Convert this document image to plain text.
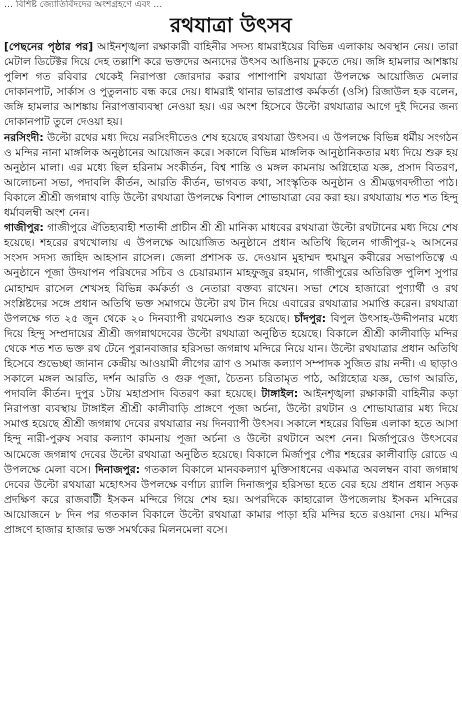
… বিশিষ্ট জ্যোতির্বিদদের অংশগ্রহণে এবং …
রথযাত্রা উৎসব

[পেছনের পৃষ্ঠার পর] আইনশৃঙ্খলা রক্ষাকারী বাহিনীর সদস্য ধামরাইয়ের বিভিন্ন এলাকায় অবস্থান নেয়। তারা মেটাল ডিটেক্টর দিয়ে দেহ তল্লাশি করে ভক্তদের অন্যদের উৎসব আঙিনায় ঢুকতে দেয়। জঙ্গি হামলার আশঙ্কায় পুলিশ গত রবিবার থেকেই নিরাপত্তা জোরদার করার পাশাপাশি রথযাত্রা উপলক্ষে আয়োজিত মেলার দোকানপাট, সার্কাস ও পুতুলনাচ বন্ধ করে দেয়। ধামরাই থানার ভারপ্রাপ্ত কর্মকর্তা (ওসি) রিজাউল হক বলেন, জঙ্গি হামলার আশঙ্কায় নিরাপত্তাব্যবস্থা নেওয়া হয়। এর অংশ হিসেবে উল্টো রথযাত্রার আগে দুই দিনের জন্য দোকানপাট তুলে দেওয়া হয়।

নরসিংদী: উল্টো রথের মধ্য দিয়ে নরসিংদীতেও শেষ হয়েছে রথযাত্রা উৎসব। এ উপলক্ষে বিভিন্ন ধর্মীয় সংগঠন ও মন্দির নানা মাঙ্গলিক অনুষ্ঠানের আয়োজন করে। সকালে বিভিন্ন মাঙ্গলিক আনুষ্ঠানিকতার মধ্য দিয়ে শুরু হয় অনুষ্ঠান মালা। এর মধ্যে ছিল হরিনাম সংকীর্তন, বিশ্ব শান্তি ও মঙ্গল কামনায় অগ্নিহোত্র যজ্ঞ, প্রসাদ বিতরণ, আলোচনা সভা, পদাবলি কীর্তন, আরতি কীর্তন, ভাগবত কথা, সাংস্কৃতিক অনুষ্ঠান ও শ্রীমদ্ভগবদ্গীতা পাঠ। বিকালে শ্রীশ্রী জগন্নাথ বাড়ি উল্টো রথযাত্রা উপলক্ষে বিশাল শোভাযাত্রা বের করা হয়। রথযাত্রায় শত শত হিন্দু ধর্মাবলম্বী অংশ নেন।

গাজীপুর: গাজীপুরে ঐতিহ্যবাহী শতাব্দী প্রাচীন শ্রী শ্রী মানিক্য মাধবের রথযাত্রা উল্টো রথটানের মধ্য দিয়ে শেষ হয়েছে। শহরের রথখোলায় এ উপলক্ষে আয়োজিত অনুষ্ঠানে প্রধান অতিথি ছিলেন গাজীপুর-২ আসনের সংসদ সদস্য জাহিদ আহসান রাসেল। জেলা প্রশাসক ড. দেওয়ান মুহাম্মদ হুমায়ুন কবীরের সভাপতিত্বে এ অনুষ্ঠানে পূজা উদযাপন পরিষদের সচিব ও চেয়ারম্যান মাহফুজুর রহমান, গাজীপুরের অতিরিক্ত পুলিশ সুপার মোহাম্মদ রাসেল শেখসহ বিভিন্ন কর্মকর্তা ও নেতারা বক্তব্য রাখেন। সভা শেষে হাজারো পুণ্যার্থী ও রথ সংশ্লিষ্টদের সঙ্গে প্রধান অতিথি ভক্ত সমাগমে উল্টো রথ টান দিয়ে এবারের রথযাত্রার সমাপ্তি করেন। রথযাত্রা উপলক্ষে গত ২৫ জুন থেকে ২০ দিনব্যাপী রথমেলাও শুরু হয়েছে। চাঁদপুর: বিপুল উৎসাহ-উদ্দীপনার মধ্যে দিয়ে হিন্দু সম্প্রদায়ের শ্রীশ্রী জগন্নাথদেবের উল্টো রথযাত্রা অনুষ্ঠিত হয়েছে। বিকালে শ্রীশ্রী কালীবাড়ি মন্দির থেকে শত শত ভক্ত রথ টেনে পুরানবাজার হরিসভা জগন্নাথ মন্দিরে নিয়ে যান। উল্টো রথযাত্রার প্রধান অতিথি হিসেবে শুভেচ্ছা জানান কেন্দ্রীয় আওয়ামী লীগের ত্রাণ ও সমাজ কল্যাণ সম্পাদক সুজিত রায় নন্দী। এ ছাড়াও সকালে মঙ্গল আরতি, দর্শন আরতি ও গুরু পূজা, চৈতন্য চরিতামৃত পাঠ, অগ্নিহোত্র যজ্ঞ, ভোগ আরতি, পদাবলি কীর্তন। দুপুর ১টায় মহাপ্রসাদ বিতরণ করা হয়েছে। টাঙ্গাইল: আইনশৃঙ্খলা রক্ষাকারী বাহিনীর কড়া নিরাপত্তা ব্যবস্থায় টাঙ্গাইল শ্রীশ্রী কালীবাড়ি প্রাঙ্গণে পূজা অর্চনা, উল্টো রথটান ও শোভাযাত্রার মধ্য দিয়ে সমাপ্ত হয়েছে শ্রীশ্রী জগন্নাথ দেবের রথযাত্রার নয় দিনব্যাপী উৎসব। সকালে শহরের বিভিন্ন এলাকা হতে আসা হিন্দু নারী-পুরুষ সবার কল্যাণ কামনায় পূজা অর্চনা ও উল্টো রথটানে অংশ নেন। মির্জাপুরেও উৎসবের আমেজে জগন্নাথ দেবের উল্টো রথযাত্রা অনুষ্ঠিত হয়েছে। বিকালে মির্জাপুর পৌর শহরের কালীবাড়ি রোডে এ উপলক্ষে মেলা বসে। দিনাজপুর: গতকাল বিকালে মানবকল্যাণ মুক্তিসাধনের একমাত্র অবলম্বন বাবা জগন্নাথ দেবের উল্টো রথযাত্রা মহোৎসব উপলক্ষে বর্ণাঢ্য র‌্যালি দিনাজপুর হরিসভা হতে বের হয়ে প্রধান প্রধান সড়ক প্রদক্ষিণ করে রাজবাটী ইসকন মন্দিরে গিয়ে শেষ হয়। অপরদিকে কাহারোল উপজেলায় ইসকন মন্দিরের আয়োজনে ৮ দিন পর গতকাল বিকালে উল্টো রথযাত্রা কামার পাড়া হরি মন্দির হতে রওয়ানা দেয়। মন্দির প্রাঙ্গণে হাজার হাজার ভক্ত সমর্থকের মিলনমেলা বসে।
